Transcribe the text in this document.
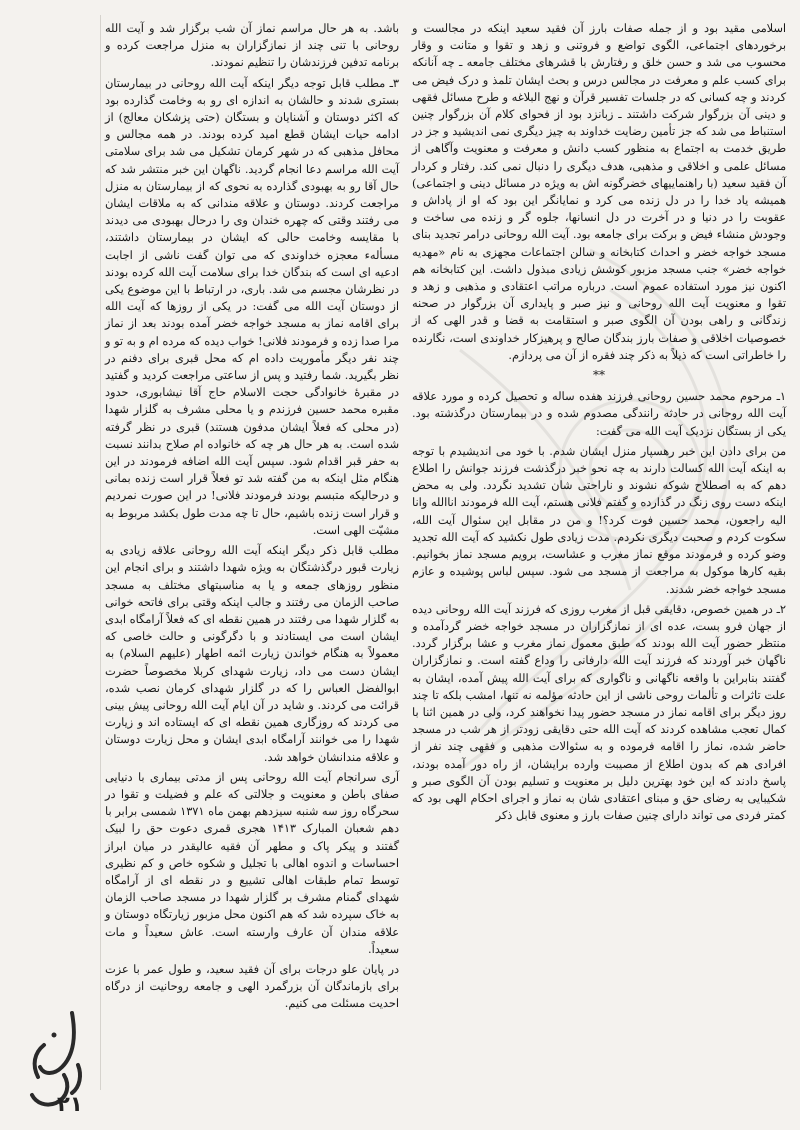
اسلامی مقید بود و از جمله صفات بارز آن فقید سعید اینکه در مجالست و برخوردهای اجتماعی، الگوی تواضع و فروتنی و زهد و تقوا و متانت و وقار محسوب می شد و حسن خلق و رفتارش با قشرهای مختلف جامعه ـ چه آنانکه برای کسب علم و معرفت در مجالس درس و بحث ایشان تلمذ و درک فیض می کردند و چه کسانی که در جلسات تفسیر قرآن و نهج البلاغه و طرح مسائل فقهی و دینی آن بزرگوار شرکت داشتند ـ زبانزد بود از فحوای کلام آن بزرگوار چنین استنباط می شد که جز تأمین رضایت خداوند به چیز دیگری نمی اندیشید و جز در طریق خدمت به اجتماع به منظور کسب دانش و معرفت و معنویت وآگاهی از مسائل علمی و اخلاقی و مذهبی، هدف دیگری را دنبال نمی کند. رفتار و کردار آن فقید سعید (با راهنماییهای خضرگونه اش به ویژه در مسائل دینی و اجتماعی) همیشه یاد خدا را در دل زنده می کرد و نمایانگر این بود که او از پاداش و عقوبت را در دنیا و در آخرت در دل انسانها، جلوه گر و زنده می ساخت و وجودش منشاء فیض و برکت برای جامعه بود. آیت الله روحانی درامر تجدید بنای مسجد خواجه خضر و احداث کتابخانه و سالن اجتماعات مجهزی به نام «مهدیه خواجه خضر» جنب مسجد مزبور کوشش زیادی مبذول داشت. این کتابخانه هم اکنون نیز مورد استفاده عموم است. درباره مراتب اعتقادی و مذهبی و زهد و تقوا و معنویت آیت الله روحانی و نیز صبر و پایداری آن بزرگوار در صحنه زندگانی و راهی بودن آن الگوی صبر و استقامت به قضا و قدر الهی که از خصوصیات اخلاقی و صفات بارز بندگان صالح و پرهیزکار خداوندی است، نگارنده را خاطراتی است که ذیلاً به ذکر چند فقره از آن می پردازم.

**

۱ـ مرحوم محمد حسین روحانی فرزند هفده ساله و تحصیل کرده و مورد علاقه آیت الله روحانی در حادثه رانندگی مصدوم شده و در بیمارستان درگذشته بود. یکی از بستگان نزدیک آیت الله می گفت:

من برای دادن این خبر رهسپار منزل ایشان شدم. با خود می اندیشیدم با توجه به اینکه آیت الله کسالت دارند به چه نحو خبر درگذشت فرزند جوانش را اطلاع دهم که به اصطلاح شوکه نشوند و ناراحتی شان تشدید نگردد. ولی به محض اینکه دست روی زنگ در گذارده و گفتم فلانی هستم، آیت الله فرمودند اناالله وانا الیه راجعون، محمد حسین فوت کرد؟! و من در مقابل این سئوال آیت الله، سکوت کردم و صحبت دیگری نکردم. مدت زیادی طول نکشید که آیت الله تجدید وضو کرده و فرمودند موقع نماز مغرب و عشاست، برویم مسجد نماز بخوانیم. بقیه کارها موکول به مراجعت از مسجد می شود. سپس لباس پوشیده و عازم مسجد خواجه خضر شدند.

۲ـ در همین خصوص، دقایقی قبل از مغرب روزی که فرزند آیت الله روحانی دیده از جهان فرو بست، عده ای از نمازگزاران در مسجد خواجه خضر گردآمده و منتظر حضور آیت الله بودند که طبق معمول نماز مغرب و عشا برگزار گردد. ناگهان خبر آوردند که فرزند آیت الله دارفانی را وداع گفته است. و نمازگزاران گفتند بنابراین با واقعه ناگهانی و ناگواری که برای آیت الله پیش آمده، ایشان به علت تاثرات و تألمات روحی ناشی از این حادثه مؤلمه نه تنها، امشب بلکه تا چند روز دیگر برای اقامه نماز در مسجد حضور پیدا نخواهند کرد، ولی در همین اثنا با کمال تعجب مشاهده کردند که آیت الله حتی دقایقی زودتر از هر شب در مسجد حاضر شده، نماز را اقامه فرموده و به سئوالات مذهبی و فقهی چند نفر از افرادی هم که بدون اطلاع از مصیبت وارده برایشان، از راه دور آمده بودند، پاسخ دادند که این خود بهترین دلیل بر معنویت و تسلیم بودن آن الگوی صبر و شکیبایی به رضای حق و مبنای اعتقادی شان به نماز و اجرای احکام الهی بود که کمتر فردی می تواند دارای چنین صفات بارز و معنوی قابل ذکر

باشد. به هر حال مراسم نماز آن شب برگزار شد و آیت الله روحانی با تنی چند از نمازگزاران به منزل مراجعت کرده و برنامه تدفین فرزندشان را تنظیم نمودند.

۳ـ مطلب قابل توجه دیگر اینکه آیت الله روحانی در بیمارستان بستری شدند و حالشان به اندازه ای رو به وخامت گذارده بود که اکثر دوستان و آشنایان و بستگان (حتی پزشکان معالج) از ادامه حیات ایشان قطع امید کرده بودند. در همه مجالس و محافل مذهبی که در شهر کرمان تشکیل می شد برای سلامتی آیت الله مراسم دعا انجام گردید. ناگهان این خبر منتشر شد که حال آقا رو به بهبودی گذارده به نحوی که از بیمارستان به منزل مراجعت کردند. دوستان و علاقه مندانی که به ملاقات ایشان می رفتند وقتی که چهره خندان وی را درحال بهبودی می دیدند با مقایسه وخامت حالی که ایشان در بیمارستان داشتند، مسألهء معجزه خداوندی که می توان گفت ناشی از اجابت ادعیه ای است که بندگان خدا برای سلامت آیت الله کرده بودند در نظرشان مجسم می شد. باری، در ارتباط با این موضوع یکی از دوستان آیت الله می گفت: در یکی از روزها که آیت الله برای اقامه نماز به مسجد خواجه خضر آمده بودند بعد از نماز مرا صدا زده و فرمودند فلانی! خواب دیده که مرده ام و به تو و چند نفر دیگر مأموریت داده ام که محل قبری برای دفنم در نظر بگیرید. شما رفتید و پس از ساعتی مراجعت کردید و گفتید در مقبرهٔ خانوادگی حجت الاسلام حاج آقا نیشابوری، حدود مقبره محمد حسین فرزندم و یا محلی مشرف به گلزار شهدا (در محلی که فعلاً ایشان مدفون هستند) قبری در نظر گرفته شده است. به هر حال هر چه که خانواده ام صلاح بدانند نسبت به حفر قبر اقدام شود. سپس آیت الله اضافه فرمودند در این هنگام مثل اینکه به من گفته شد تو فعلاً قرار است زنده بمانی و درحالیکه متبسم بودند فرمودند فلانی! در این صورت نمردیم و قرار است زنده باشیم، حال تا چه مدت طول بکشد مربوط به مشیّت الهی است.

مطلب قابل ذکر دیگر اینکه آیت الله روحانی علاقه زیادی به زیارت قبور درگذشتگان به ویژه شهدا داشتند و برای انجام این منظور روزهای جمعه و یا به مناسبتهای مختلف به مسجد صاحب الزمان می رفتند و جالب اینکه وقتی برای فاتحه خوانی به گلزار شهدا می رفتند در همین نقطه ای که فعلاً آرامگاه ابدی ایشان است می ایستادند و با دگرگونی و حالت خاصی که معمولاً به هنگام خواندن زیارت ائمه اطهار (علیهم السلام) به ایشان دست می داد، زیارت شهدای کربلا مخصوصاً حضرت ابوالفضل العباس را که در گلزار شهدای کرمان نصب شده، قرائت می کردند. و شاید در آن ایام آیت الله روحانی پیش بینی می کردند که روزگاری همین نقطه ای که ایستاده اند و زیارت شهدا را می خوانند آرامگاه ابدی ایشان و محل زیارت دوستان و علاقه مندانشان خواهد شد.

آری سرانجام آیت الله روحانی پس از مدتی بیماری با دنیایی صفای باطن و معنویت و جلالتی که علم و فضیلت و تقوا در سحرگاه روز سه شنبه سیزدهم بهمن ماه ۱۳۷۱ شمسی برابر با دهم شعبان المبارک ۱۴۱۳ هجری قمری دعوت حق را لبیک گفتند و پیکر پاک و مطهر آن فقیه عالیقدر در میان ابراز احساسات و اندوه اهالی با تجلیل و شکوه خاص و کم نظیری توسط تمام طبقات اهالی تشییع و در نقطه ای از آرامگاه شهدای گمنام مشرف بر گلزار شهدا در مسجد صاحب الزمان به خاک سپرده شد که هم اکنون محل مزبور زیارتگاه دوستان و علاقه مندان آن عارف وارسته است. عاش سعیداً و مات سعیداً.

در پایان علو درجات برای آن فقید سعید، و طول عمر با عزت برای بازماندگان آن بزرگمرد الهی و جامعه روحانیت از درگاه احدیت مسئلت می کنیم.

۲۱
